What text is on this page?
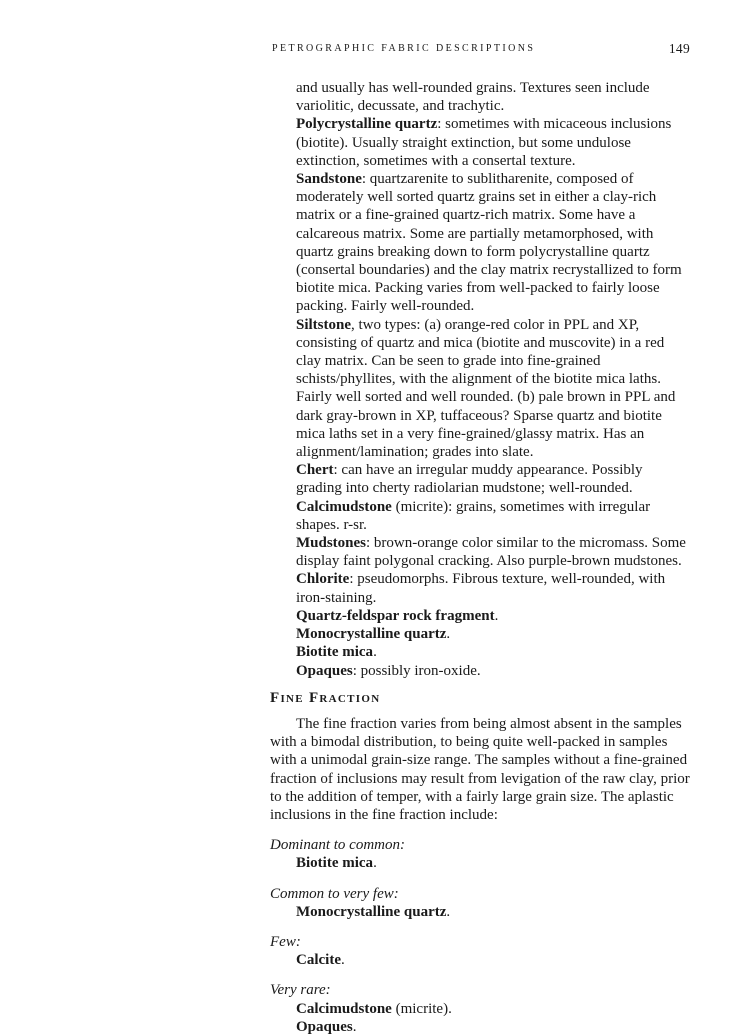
PETROGRAPHIC FABRIC DESCRIPTIONS	149

and usually has well-rounded grains. Textures seen include variolitic, decussate, and trachytic.

Polycrystalline quartz: sometimes with micaceous inclusions (biotite). Usually straight extinction, but some undulose extinction, sometimes with a consertal texture.

Sandstone: quartzarenite to sublitharenite, composed of moderately well sorted quartz grains set in either a clay-rich matrix or a fine-grained quartz-rich matrix. Some have a calcareous matrix. Some are partially metamorphosed, with quartz grains breaking down to form polycrystalline quartz (consertal boundaries) and the clay matrix recrystallized to form biotite mica. Packing varies from well-packed to fairly loose packing. Fairly well-rounded.

Siltstone, two types: (a) orange-red color in PPL and XP, consisting of quartz and mica (biotite and muscovite) in a red clay matrix. Can be seen to grade into fine-grained schists/phyllites, with the alignment of the biotite mica laths. Fairly well sorted and well rounded. (b) pale brown in PPL and dark gray-brown in XP, tuffaceous? Sparse quartz and biotite mica laths set in a very fine-grained/glassy matrix. Has an alignment/lamination; grades into slate.

Chert: can have an irregular muddy appearance. Possibly grading into cherty radiolarian mudstone; well-rounded.

Calcimudstone (micrite): grains, sometimes with irregular shapes. r-sr.

Mudstones: brown-orange color similar to the micromass. Some display faint polygonal cracking. Also purple-brown mudstones.

Chlorite: pseudomorphs. Fibrous texture, well-rounded, with iron-staining.

Quartz-feldspar rock fragment.

Monocrystalline quartz.

Biotite mica.

Opaques: possibly iron-oxide.

Fine Fraction

The fine fraction varies from being almost absent in the samples with a bimodal distribution, to being quite well-packed in samples with a unimodal grain-size range. The samples without a fine-grained fraction of inclusions may result from levigation of the raw clay, prior to the addition of temper, with a fairly large grain size. The aplastic inclusions in the fine fraction include:

Dominant to common:

Biotite mica.

Common to very few:

Monocrystalline quartz.

Few:

Calcite.

Very rare:

Calcimudstone (micrite).

Opaques.
